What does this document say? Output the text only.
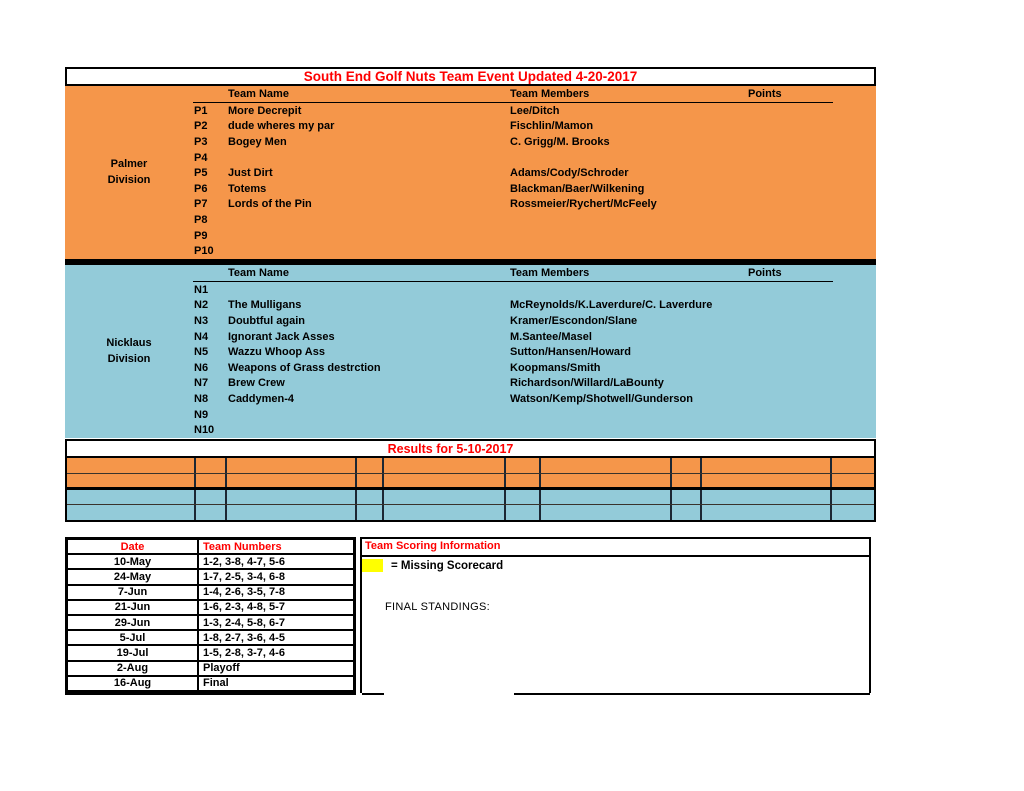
South End Golf Nuts Team Event Updated 4-20-2017
Team Name	Team Members	Points
P1 More Decrepit	Lee/Ditch
P2 dude wheres my par	Fischlin/Mamon
P3 Bogey Men	C. Grigg/M. Brooks
P4
P5 Just Dirt	Adams/Cody/Schroder
P6 Totems	Blackman/Baer/Wilkening
P7 Lords of the Pin	Rossmeier/Rychert/McFeely
P8
P9
P10
Palmer
Division
Team Name	Team Members	Points
N1
N2 The Mulligans	McReynolds/K.Laverdure/C. Laverdure
N3 Doubtful again	Kramer/Escondon/Slane
N4 Ignorant Jack Asses	M.Santee/Masel
N5 Wazzu Whoop Ass	Sutton/Hansen/Howard
N6 Weapons of Grass destrction	Koopmans/Smith
N7 Brew Crew	Richardson/Willard/LaBounty
N8 Caddymen-4	Watson/Kemp/Shotwell/Gunderson
N9
N10
Nicklaus
Division
Results for 5-10-2017
Date	Team Numbers
10-May	1-2, 3-8, 4-7, 5-6
24-May	1-7, 2-5, 3-4, 6-8
7-Jun	1-4, 2-6, 3-5, 7-8
21-Jun	1-6, 2-3, 4-8, 5-7
29-Jun	1-3, 2-4, 5-8, 6-7
5-Jul	1-8, 2-7, 3-6, 4-5
19-Jul	1-5, 2-8, 3-7, 4-6
2-Aug	Playoff
16-Aug	Final
Team Scoring Information
= Missing Scorecard
FINAL STANDINGS:
